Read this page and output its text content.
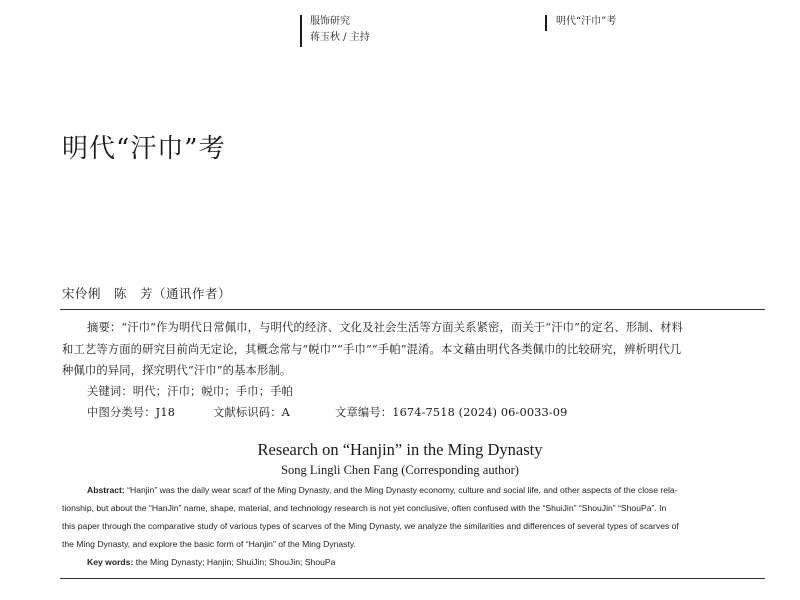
服饰研究
蒋玉秋 / 主持
明代“汗巾”考
明代“汗巾”考
宋伶俐　陈　芳（通讯作者）
摘要：“汗巾”作为明代日常佩巾，与明代的经济、文化及社会生活等方面关系紧密，而关于“汗巾”的定名、形制、材料
和工艺等方面的研究目前尚无定论，其概念常与“帨巾”“手巾”“手帕”混淆。本文藉由明代各类佩巾的比较研究，辨析明代几
种佩巾的异同，探究明代“汗巾”的基本形制。
关键词：明代；汗巾；帨巾；手巾；手帕
中图分类号：J18	文献标识码：A	文章编号：1674-7518 (2024) 06-0033-09
Research on “Hanjin” in the Ming Dynasty
Song Lingli Chen Fang (Corresponding author)
Abstract: “Hanjin” was the daily wear scarf of the Ming Dynasty, and the Ming Dynasty economy, culture and social life, and other aspects of the close rela-
tionship, but about the “HanJin” name, shape, material, and technology research is not yet conclusive, often confused with the “ShuiJin” “ShouJin” “ShouPa”. In
this paper through the comparative study of various types of scarves of the Ming Dynasty, we analyze the similarities and differences of several types of scarves of
the Ming Dynasty, and explore the basic form of “Hanjin” of the Ming Dynasty.
Key words: the Ming Dynasty; Hanjin; ShuiJin; ShouJin; ShouPa
